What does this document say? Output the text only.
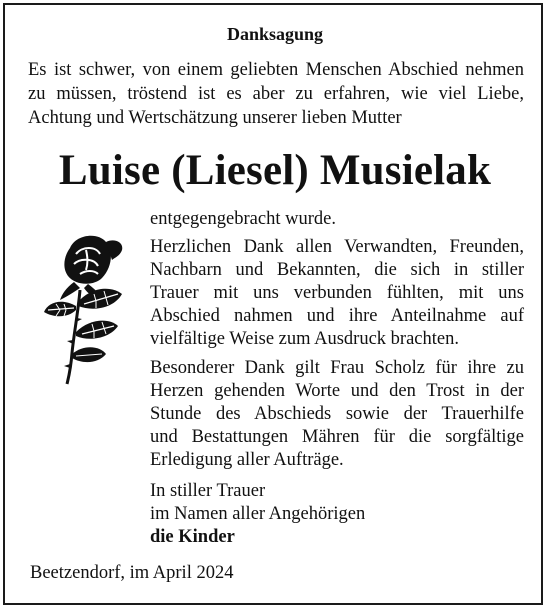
Danksagung
Es ist schwer, von einem geliebten Menschen Abschied nehmen
zu müssen, tröstend ist es aber zu erfahren, wie viel Liebe,
Achtung und Wertschätzung unserer lieben Mutter
Luise (Liesel) Musielak
entgegengebracht wurde.
Herzlichen Dank allen Verwandten, Freunden,
Nachbarn und Bekannten, die sich in stiller
Trauer mit uns verbunden fühlten, mit uns
Abschied nahmen und ihre Anteilnahme auf
vielfältige Weise zum Ausdruck brachten.
Besonderer Dank gilt Frau Scholz für ihre zu
Herzen gehenden Worte und den Trost in der
Stunde des Abschieds sowie der Trauerhilfe
und Bestattungen Mähren für die sorgfältige
Erledigung aller Aufträge.
In stiller Trauer
im Namen aller Angehörigen
die Kinder
Beetzendorf, im April 2024
